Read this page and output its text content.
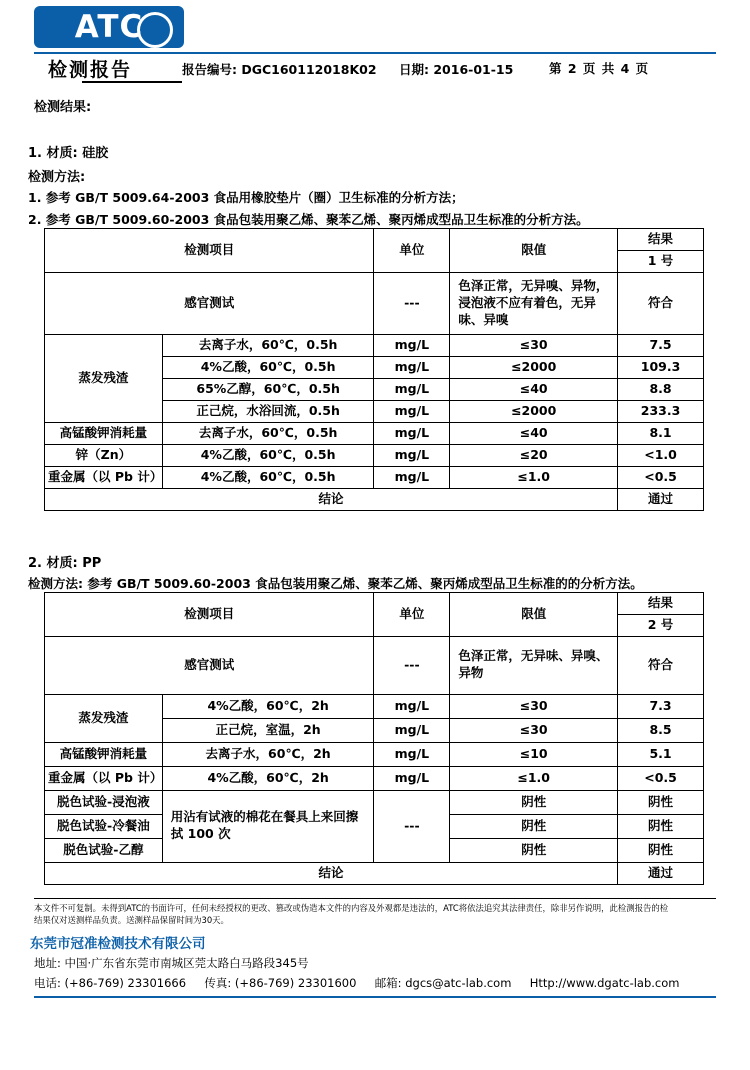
ATC
检测报告	报告编号: DGC160112018K02 日期: 2016-01-15	第 2 页 共 4 页
检测结果:
1. 材质: 硅胶
检测方法:
1. 参考 GB/T 5009.64-2003 食品用橡胶垫片（圈）卫生标准的分析方法；
2. 参考 GB/T 5009.60-2003 食品包装用聚乙烯、聚苯乙烯、聚丙烯成型品卫生标准的分析方法。
检测项目		单位	限值	结果
				1 号
感官测试		---	色泽正常，无异嗅、异物，浸泡液不应有着色，无异味、异嗅	符合
蒸发残渣	去离子水，60℃，0.5h	mg/L	≤30	7.5
	4%乙酸，60℃，0.5h	mg/L	≤2000	109.3
	65%乙醇，60℃，0.5h	mg/L	≤40	8.8
	正己烷，水浴回流，0.5h	mg/L	≤2000	233.3
高锰酸钾消耗量	去离子水，60℃，0.5h	mg/L	≤40	8.1
锌（Zn）	4%乙酸，60℃，0.5h	mg/L	≤20	<1.0
重金属（以 Pb 计）	4%乙酸，60℃，0.5h	mg/L	≤1.0	<0.5
结论				通过
2. 材质: PP
检测方法: 参考 GB/T 5009.60-2003 食品包装用聚乙烯、聚苯乙烯、聚丙烯成型品卫生标准的的分析方法。
检测项目		单位	限值	结果
				2 号
感官测试		---	色泽正常，无异味、异嗅、异物	符合
蒸发残渣	4%乙酸，60℃，2h	mg/L	≤30	7.3
	正己烷，室温，2h	mg/L	≤30	8.5
高锰酸钾消耗量	去离子水，60℃，2h	mg/L	≤10	5.1
重金属（以 Pb 计）	4%乙酸，60℃，2h	mg/L	≤1.0	<0.5
脱色试验-浸泡液	用沾有试液的棉花在餐具上来回擦拭 100 次	---	阴性	阴性
脱色试验-冷餐油			阴性	阴性
脱色试验-乙醇			阴性	阴性
结论				通过
本文件不可复制。未得到ATC的书面许可，任何未经授权的更改、篡改或伪造本文件的内容及外观都是违法的，ATC将依法追究其法律责任，除非另作说明，此检测报告的检
结果仅对送测样品负责。送测样品保留时间为30天。
东莞市冠准检测技术有限公司
地址: 中国·广东省东莞市南城区莞太路白马路段345号
电话: (+86-769) 23301666 传真: (+86-769) 23301600 邮箱: dgcs@atc-lab.com Http://www.dgatc-lab.com
